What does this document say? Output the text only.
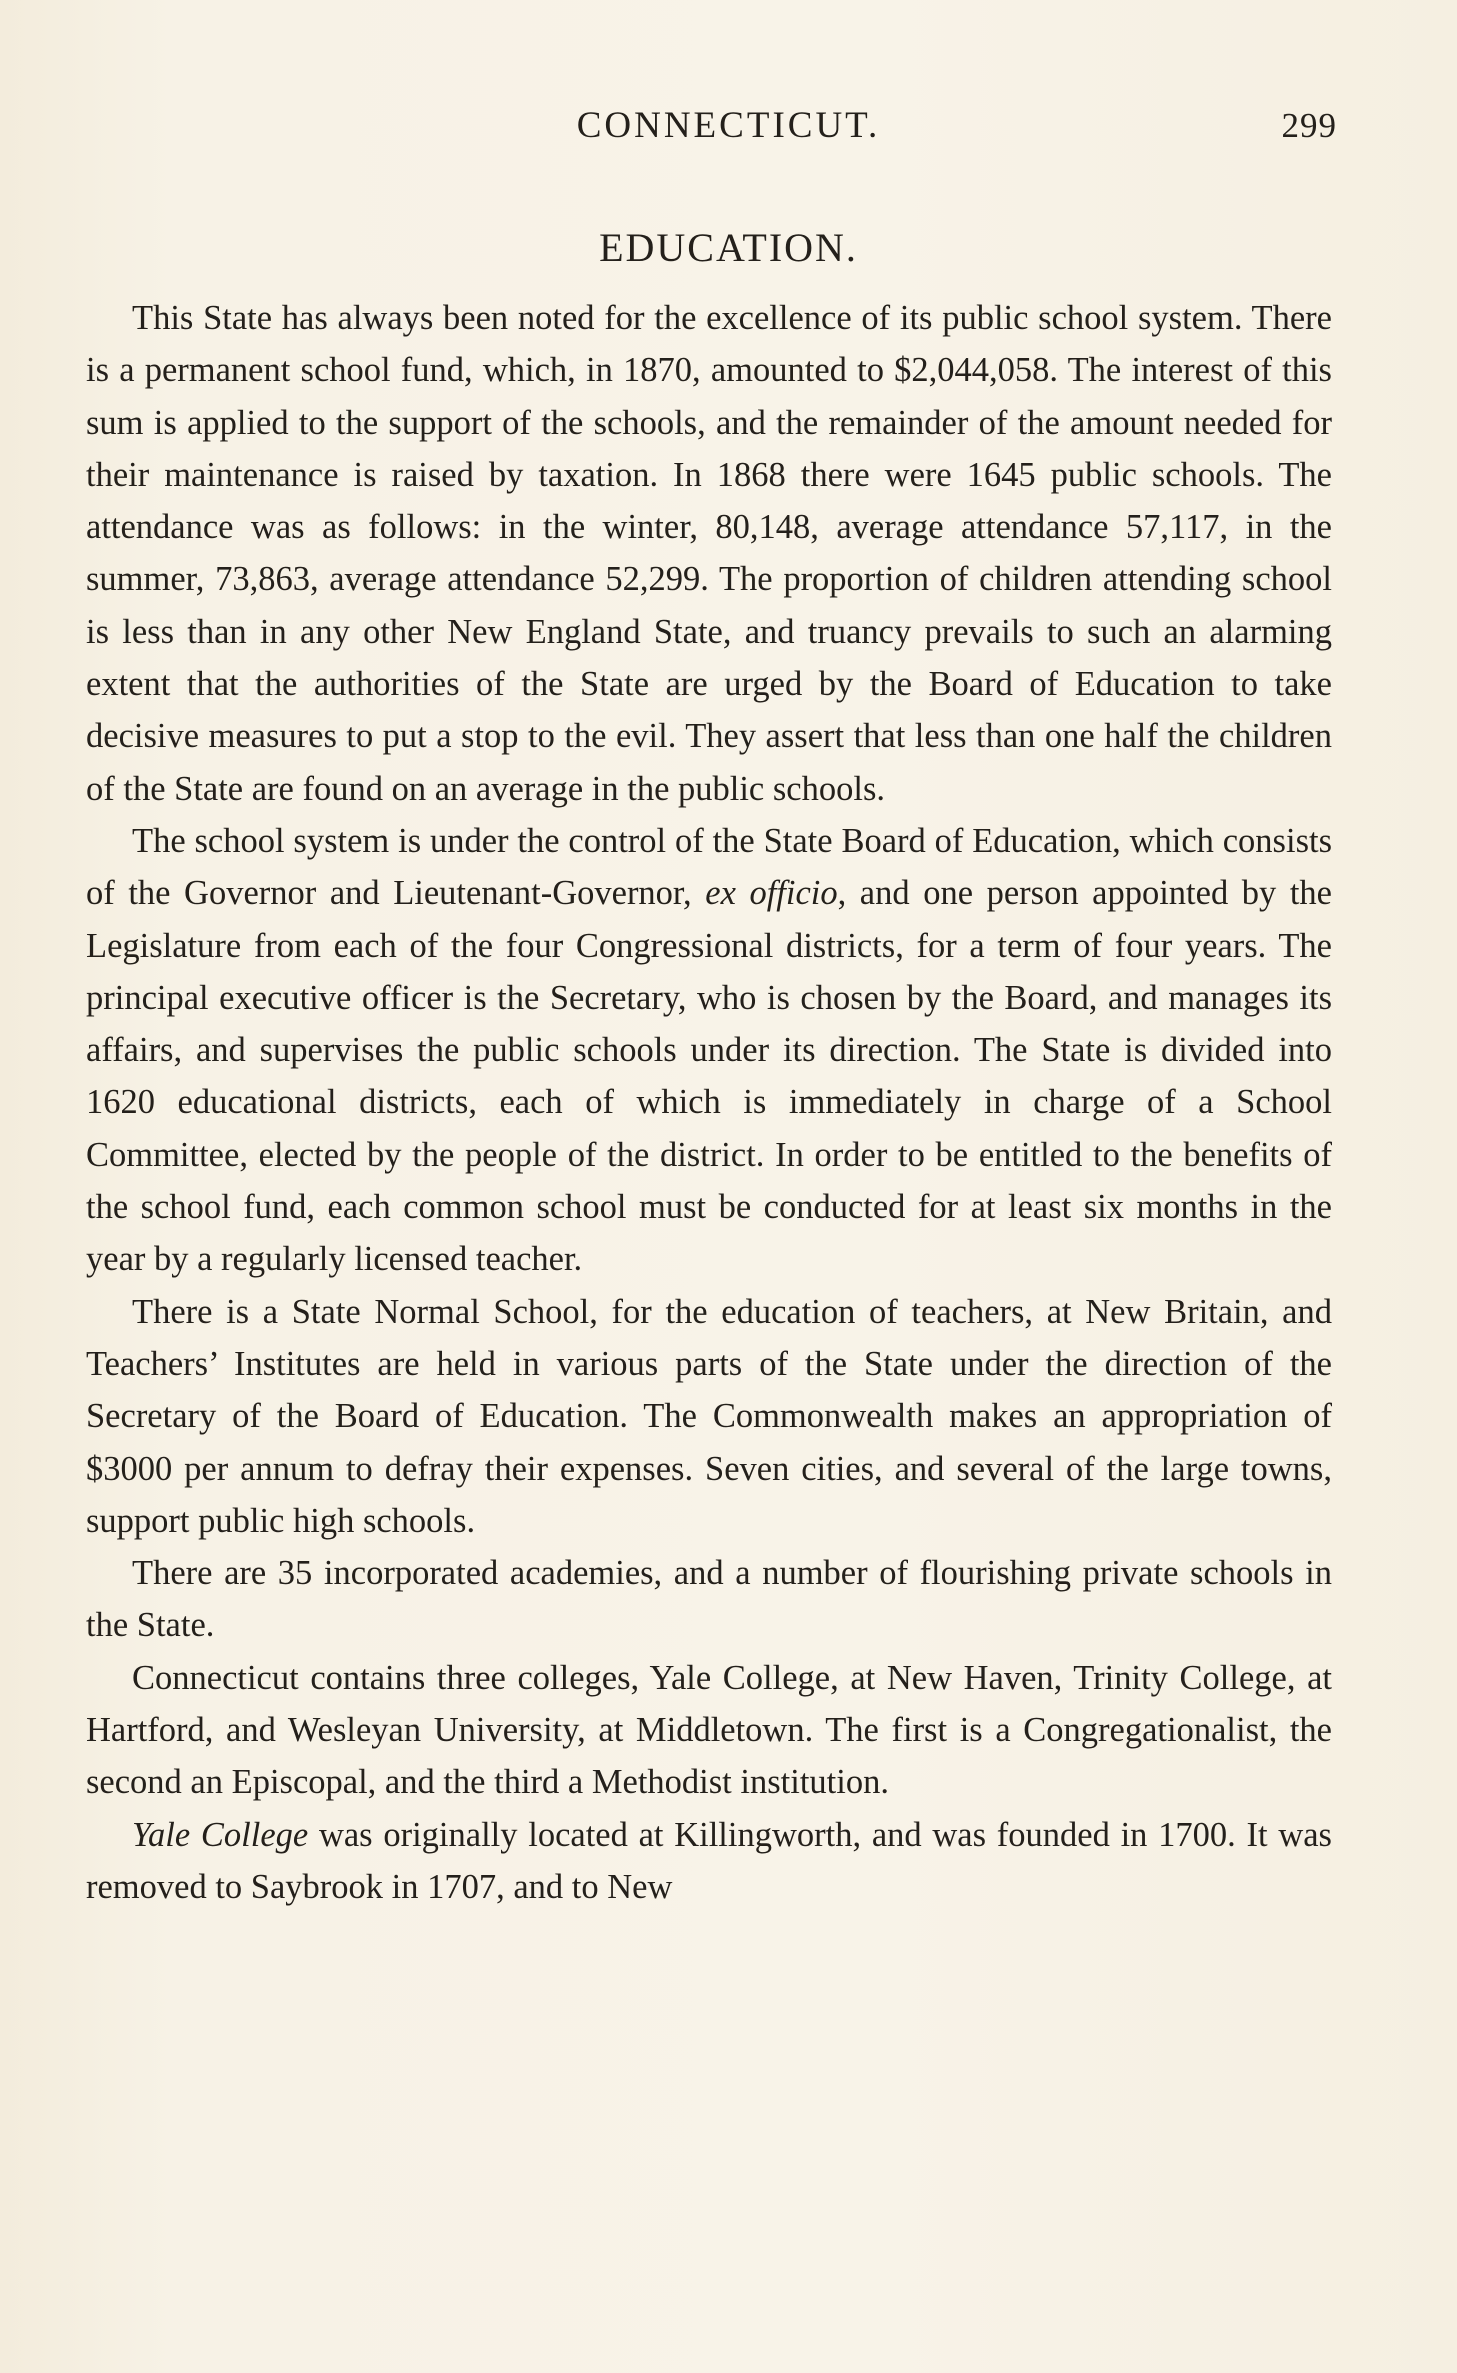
CONNECTICUT.	299
EDUCATION.

This State has always been noted for the excellence of its public school system. There is a permanent school fund, which, in 1870, amounted to $2,044,058. The interest of this sum is applied to the support of the schools, and the remainder of the amount needed for their maintenance is raised by taxation. In 1868 there were 1645 public schools. The attendance was as follows: in the winter, 80,148, average attendance 57,117, in the summer, 73,863, average attendance 52,299. The proportion of children attending school is less than in any other New England State, and truancy prevails to such an alarming extent that the authorities of the State are urged by the Board of Education to take decisive measures to put a stop to the evil. They assert that less than one half the children of the State are found on an average in the public schools.

The school system is under the control of the State Board of Education, which consists of the Governor and Lieutenant-Governor, ex officio, and one person appointed by the Legislature from each of the four Congressional districts, for a term of four years. The principal executive officer is the Secretary, who is chosen by the Board, and manages its affairs, and supervises the public schools under its direction. The State is divided into 1620 educational districts, each of which is immediately in charge of a School Committee, elected by the people of the district. In order to be entitled to the benefits of the school fund, each common school must be conducted for at least six months in the year by a regularly licensed teacher.

There is a State Normal School, for the education of teachers, at New Britain, and Teachers’ Institutes are held in various parts of the State under the direction of the Secretary of the Board of Education. The Commonwealth makes an appropriation of $3000 per annum to defray their expenses. Seven cities, and several of the large towns, support public high schools.

There are 35 incorporated academies, and a number of flourishing private schools in the State.

Connecticut contains three colleges, Yale College, at New Haven, Trinity College, at Hartford, and Wesleyan University, at Middletown. The first is a Congregationalist, the second an Episcopal, and the third a Methodist institution.

Yale College was originally located at Killingworth, and was founded in 1700. It was removed to Saybrook in 1707, and to New
